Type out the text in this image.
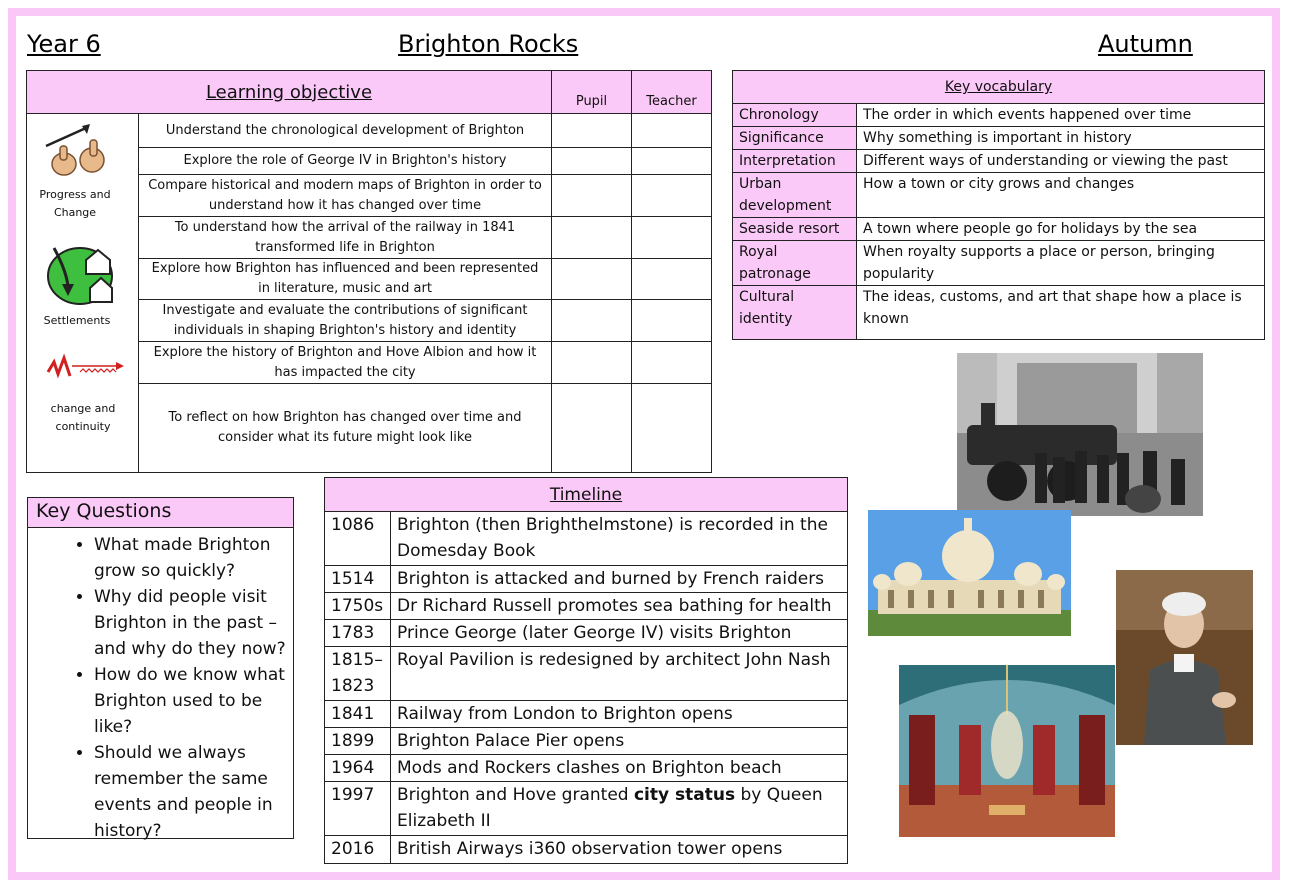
Year 6	Brighton Rocks	Autumn
Learning objective		Pupil	Teacher
	Understand the chronological development of Brighton		
	Explore the role of George IV in Brighton's history		
	Compare historical and modern maps of Brighton in order to understand how it has changed over time		
	To understand how the arrival of the railway in 1841 transformed life in Brighton		
	Explore how Brighton has influenced and been represented in literature, music and art		
	Investigate and evaluate the contributions of significant individuals in shaping Brighton's history and identity		
	Explore the history of Brighton and Hove Albion and how it has impacted the city		
	To reflect on how Brighton has changed over time and consider what its future might look like		
Progress and Change
Settlements
change and continuity
Key vocabulary	
Chronology	The order in which events happened over time
Significance	Why something is important in history
Interpretation	Different ways of understanding or viewing the past
Urban development	How a town or city grows and changes
Seaside resort	A town where people go for holidays by the sea
Royal patronage	When royalty supports a place or person, bringing popularity
Cultural identity	The ideas, customs, and art that shape how a place is known
Key Questions
• What made Brighton grow so quickly?
• Why did people visit Brighton in the past – and why do they now?
• How do we know what Brighton used to be like?
• Should we always remember the same events and people in history?
Timeline	
1086	Brighton (then Brighthelmstone) is recorded in the Domesday Book
1514	Brighton is attacked and burned by French raiders
1750s	Dr Richard Russell promotes sea bathing for health
1783	Prince George (later George IV) visits Brighton
1815–1823	Royal Pavilion is redesigned by architect John Nash
1841	Railway from London to Brighton opens
1899	Brighton Palace Pier opens
1964	Mods and Rockers clashes on Brighton beach
1997	Brighton and Hove granted city status by Queen Elizabeth II
2016	British Airways i360 observation tower opens
